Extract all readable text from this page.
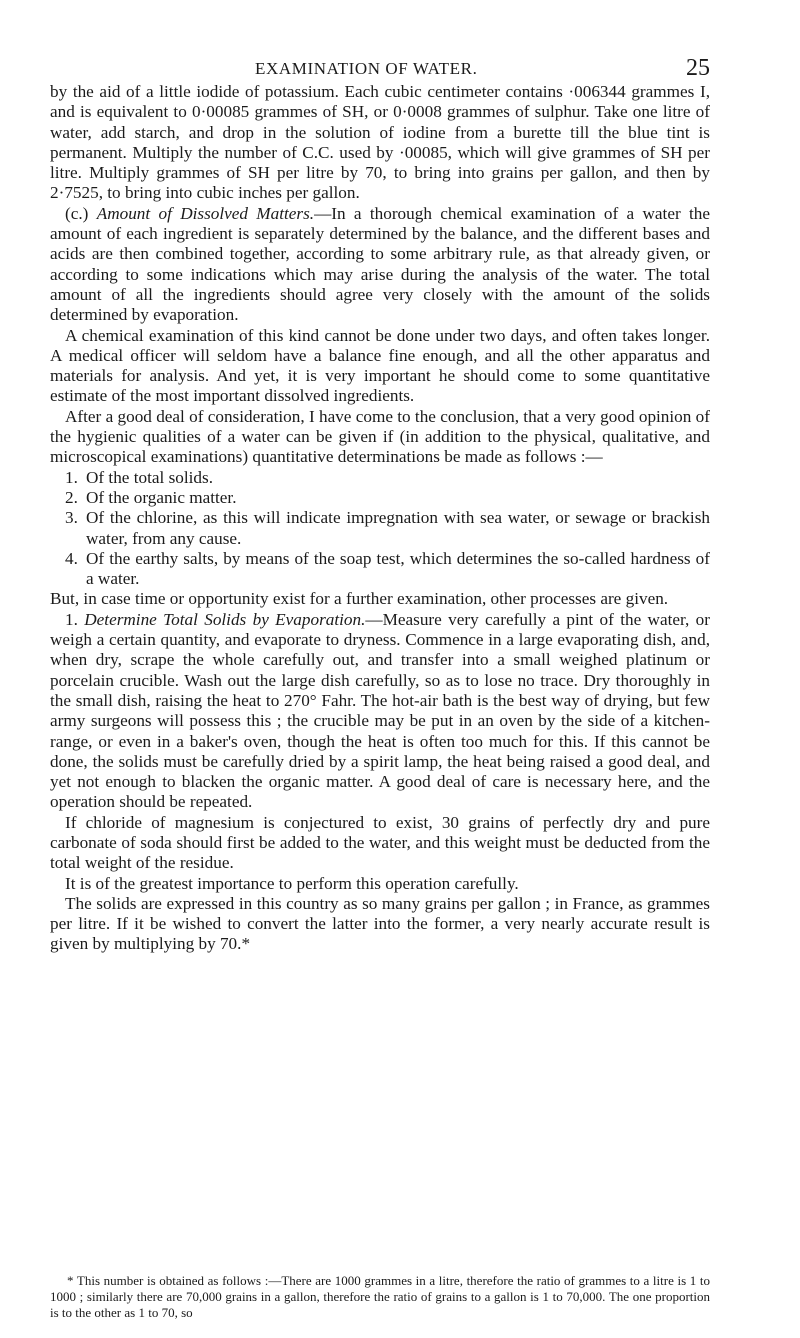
EXAMINATION OF WATER.	25

by the aid of a little iodide of potassium. Each cubic centimeter contains ·006344 grammes I, and is equivalent to 0·00085 grammes of SH, or 0·0008 grammes of sulphur. Take one litre of water, add starch, and drop in the solution of iodine from a burette till the blue tint is permanent. Multiply the number of C.C. used by ·00085, which will give grammes of SH per litre. Multiply grammes of SH per litre by 70, to bring into grains per gallon, and then by 2·7525, to bring into cubic inches per gallon.

(c.) Amount of Dissolved Matters.—In a thorough chemical examination of a water the amount of each ingredient is separately determined by the balance, and the different bases and acids are then combined together, according to some arbitrary rule, as that already given, or according to some indications which may arise during the analysis of the water. The total amount of all the ingredients should agree very closely with the amount of the solids determined by evaporation.

A chemical examination of this kind cannot be done under two days, and often takes longer. A medical officer will seldom have a balance fine enough, and all the other apparatus and materials for analysis. And yet, it is very important he should come to some quantitative estimate of the most important dissolved ingredients.

After a good deal of consideration, I have come to the conclusion, that a very good opinion of the hygienic qualities of a water can be given if (in addition to the physical, qualitative, and microscopical examinations) quantitative determinations be made as follows :—

1. Of the total solids.

2. Of the organic matter.

3. Of the chlorine, as this will indicate impregnation with sea water, or sewage or brackish water, from any cause.

4. Of the earthy salts, by means of the soap test, which determines the so-called hardness of a water.

But, in case time or opportunity exist for a further examination, other processes are given.

1. Determine Total Solids by Evaporation.—Measure very carefully a pint of the water, or weigh a certain quantity, and evaporate to dryness. Commence in a large evaporating dish, and, when dry, scrape the whole carefully out, and transfer into a small weighed platinum or porcelain crucible. Wash out the large dish carefully, so as to lose no trace. Dry thoroughly in the small dish, raising the heat to 270° Fahr. The hot-air bath is the best way of drying, but few army surgeons will possess this ; the crucible may be put in an oven by the side of a kitchen-range, or even in a baker's oven, though the heat is often too much for this. If this cannot be done, the solids must be carefully dried by a spirit lamp, the heat being raised a good deal, and yet not enough to blacken the organic matter. A good deal of care is necessary here, and the operation should be repeated.

If chloride of magnesium is conjectured to exist, 30 grains of perfectly dry and pure carbonate of soda should first be added to the water, and this weight must be deducted from the total weight of the residue.

It is of the greatest importance to perform this operation carefully.

The solids are expressed in this country as so many grains per gallon ; in France, as grammes per litre. If it be wished to convert the latter into the former, a very nearly accurate result is given by multiplying by 70.*

* This number is obtained as follows :—There are 1000 grammes in a litre, therefore the ratio of grammes to a litre is 1 to 1000 ; similarly there are 70,000 grains in a gallon, therefore the ratio of grains to a gallon is 1 to 70,000. The one proportion is to the other as 1 to 70, so
